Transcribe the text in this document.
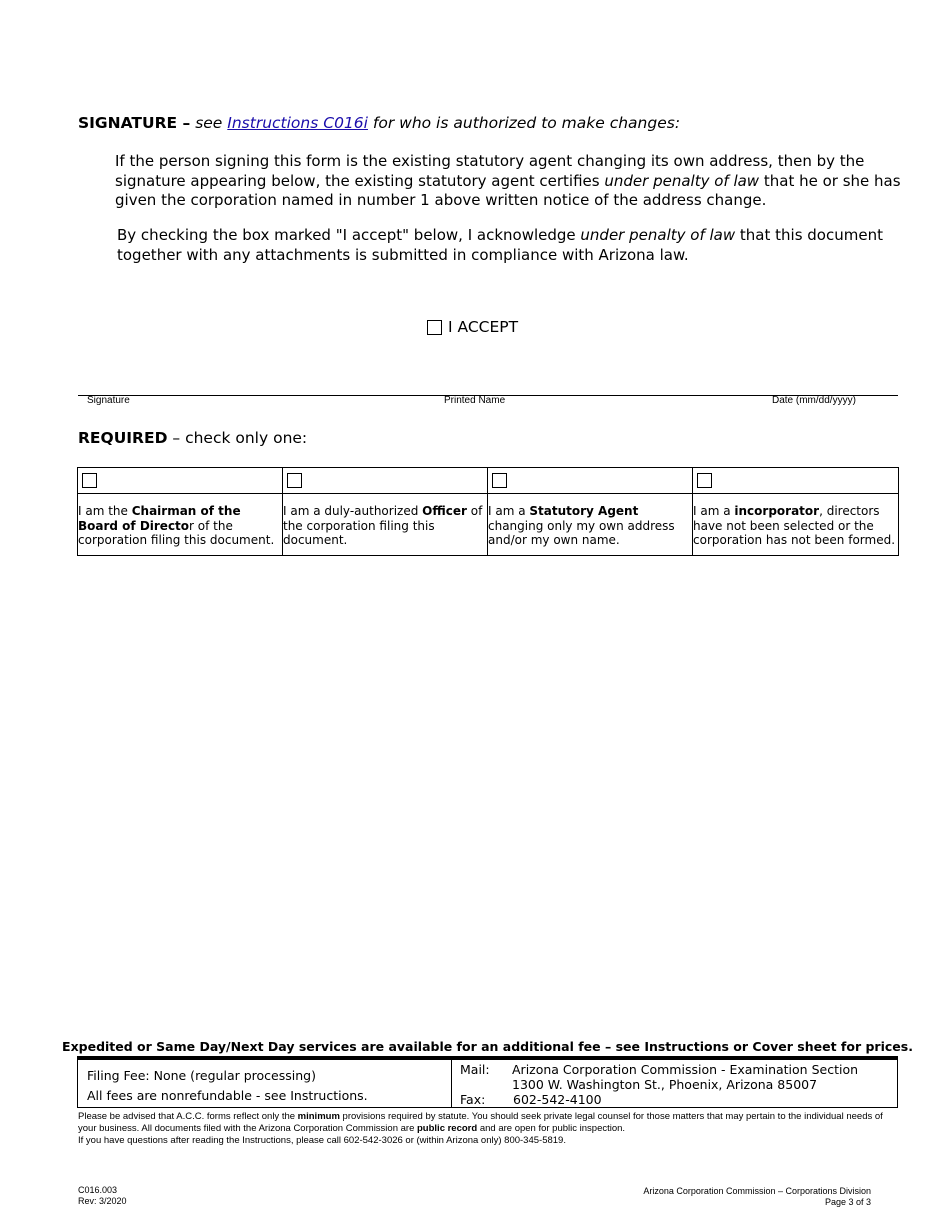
SIGNATURE – see Instructions C016i for who is authorized to make changes:
If the person signing this form is the existing statutory agent changing its own address, then by the signature appearing below, the existing statutory agent certifies under penalty of law that he or she has given the corporation named in number 1 above written notice of the address change.
By checking the box marked "I accept" below, I acknowledge under penalty of law that this document together with any attachments is submitted in compliance with Arizona law.
I ACCEPT
Signature	Printed Name	Date (mm/dd/yyyy)
REQUIRED – check only one:

I am the Chairman of the Board of Director of the corporation filing this document.	I am a duly-authorized Officer of the corporation filing this document.	I am a Statutory Agent changing only my own address and/or my own name.	I am a incorporator, directors have not been selected or the corporation has not been formed.
Expedited or Same Day/Next Day services are available for an additional fee – see Instructions or Cover sheet for prices.
Filing Fee: None (regular processing)
All fees are nonrefundable - see Instructions.
Mail: Arizona Corporation Commission - Examination Section
1300 W. Washington St., Phoenix, Arizona 85007
Fax: 602-542-4100
Please be advised that A.C.C. forms reflect only the minimum provisions required by statute. You should seek private legal counsel for those matters that may pertain to the individual needs of your business. All documents filed with the Arizona Corporation Commission are public record and are open for public inspection.
If you have questions after reading the Instructions, please call 602-542-3026 or (within Arizona only) 800-345-5819.
C016.003
Rev: 3/2020
Arizona Corporation Commission – Corporations Division
Page 3 of 3
